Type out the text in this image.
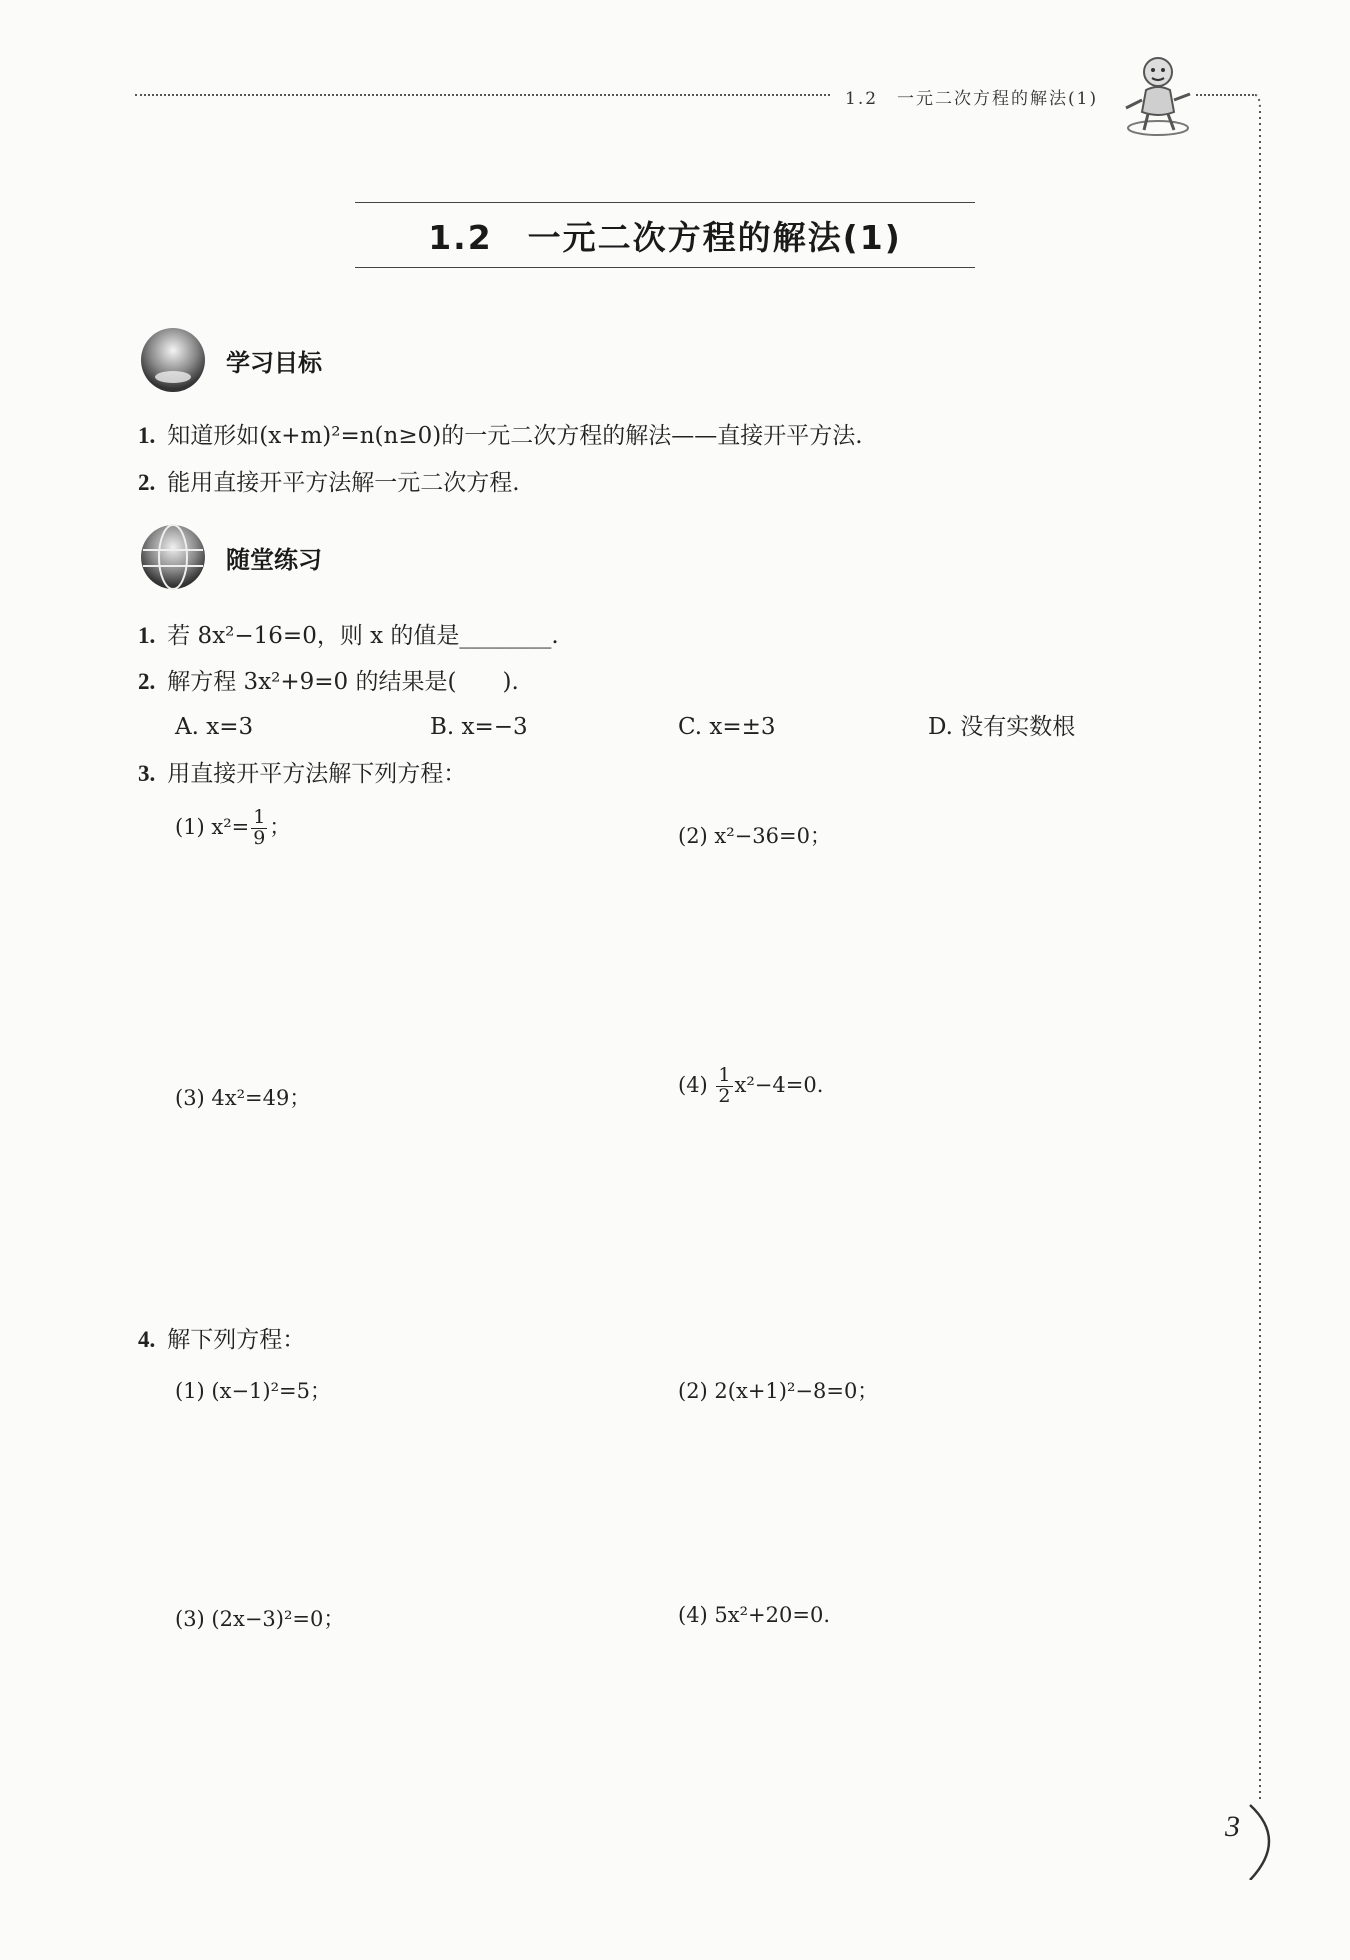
1.2　一元二次方程的解法(1)
1.2　一元二次方程的解法(1)
学习目标
1. 知道形如(x+m)²=n(n≥0)的一元二次方程的解法——直接开平方法.
2. 能用直接开平方法解一元二次方程.
随堂练习
1. 若 8x²−16=0，则 x 的值是________.
2. 解方程 3x²+9=0 的结果是(　　).
A. x=3	B. x=−3	C. x=±3	D. 没有实数根
3. 用直接开平方法解下列方程：
(1) $x^2= \frac{1}{9}$ ；	(2) x²−36=0；
(3) 4x²=49；
$(4) \frac{1}{2} x^2-4=0$.
4. 解下列方程：
(1) (x−1)²=5；	(2) 2(x+1)²−8=0；
(3) (2x−3)²=0；	(4) 5x²+20=0.
3
